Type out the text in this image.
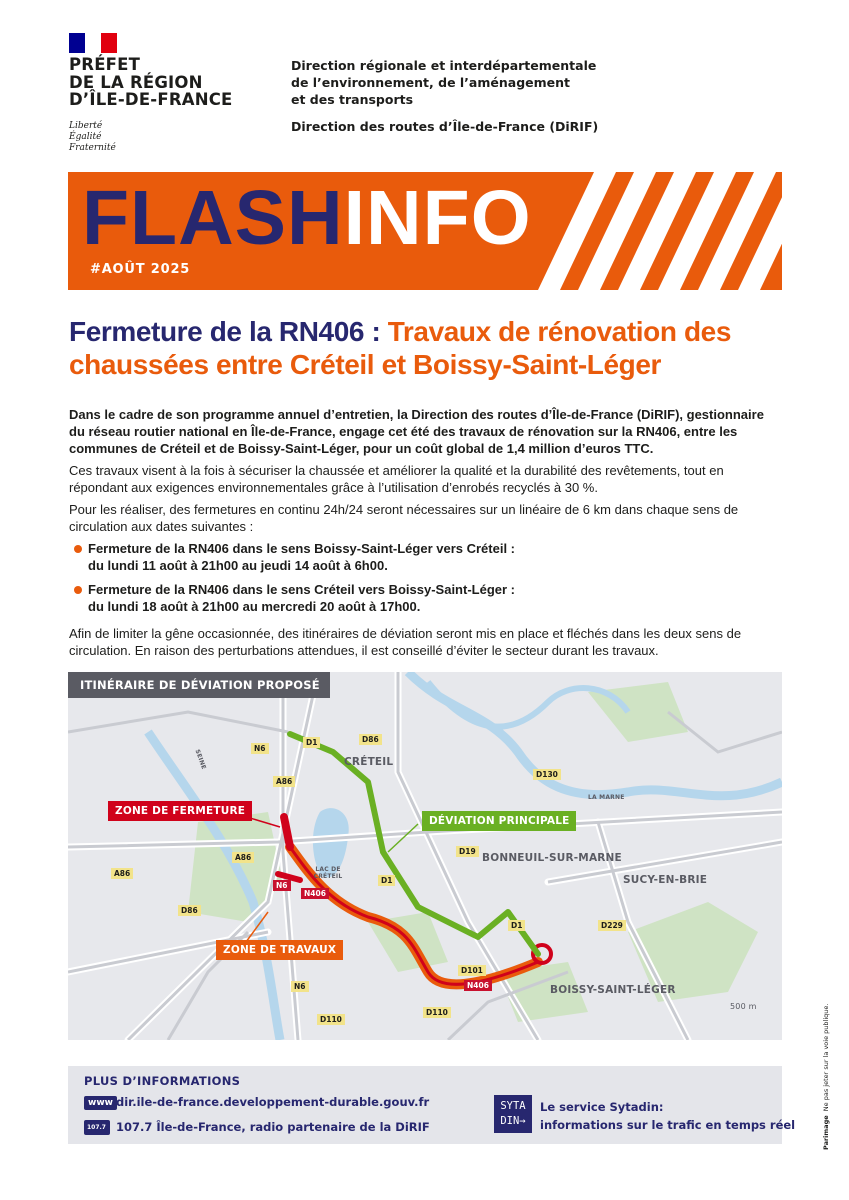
PRÉFET
DE LA RÉGION
D’ÎLE-DE-FRANCE
Liberté
Égalité
Fraternité
Direction régionale et interdépartementale
de l’environnement, de l’aménagement
et des transports
Direction des routes d’Île-de-France (DiRIF)
FLASHINFO
#AOÛT 2025
Fermeture de la RN406 : Travaux de rénovation des chaussées entre Créteil et Boissy-Saint-Léger

Dans le cadre de son programme annuel d’entretien, la Direction des routes d’Île-de-France (DiRIF), gestionnaire du réseau routier national en Île-de-France, engage cet été des travaux de rénovation sur la RN406, entre les communes de Créteil et de Boissy-Saint-Léger, pour un coût global de 1,4 million d’euros TTC.

Ces travaux visent à la fois à sécuriser la chaussée et améliorer la qualité et la durabilité des revêtements, tout en répondant aux exigences environnementales grâce à l’utilisation d’enrobés recyclés à 30 %.

Pour les réaliser, des fermetures en continu 24h/24 seront nécessaires sur un linéaire de 6 km dans chaque sens de circulation aux dates suivantes :

Fermeture de la RN406 dans le sens Boissy-Saint-Léger vers Créteil :
du lundi 11 août à 21h00 au jeudi 14 août à 6h00.
Fermeture de la RN406 dans le sens Créteil vers Boissy-Saint-Léger :
du lundi 18 août à 21h00 au mercredi 20 août à 17h00.

Afin de limiter la gêne occasionnée, des itinéraires de déviation seront mis en place et fléchés dans les deux sens de circulation. En raison des perturbations attendues, il est conseillé d’éviter le secteur durant les travaux.

N6
A86
A86
A86
N6
N406
D86
N6
D110
D110
D101
N406
D1
D1
D1
D86
D130
D19
D229
CRÉTEIL
BONNEUIL-SUR-MARNE
SUCY-EN-BRIE
BOISSY-SAINT-LÉGER
LAC DE CRÉTEIL
LA MARNE
SEINE
500 m
ZONE DE FERMETURE
ZONE DE TRAVAUX
DÉVIATION PRINCIPALE
ITINÉRAIRE DE DÉVIATION PROPOSÉ
PLUS D’INFORMATIONS
www dir.ile-de-france.developpement-durable.gouv.fr
107.7 107.7 Île-de-France, radio partenaire de la DiRIF
SYTA
DIN→
Le service Sytadin:
informations sur le trafic en temps réel	Parimage  Ne pas jeter sur la voie publique.
